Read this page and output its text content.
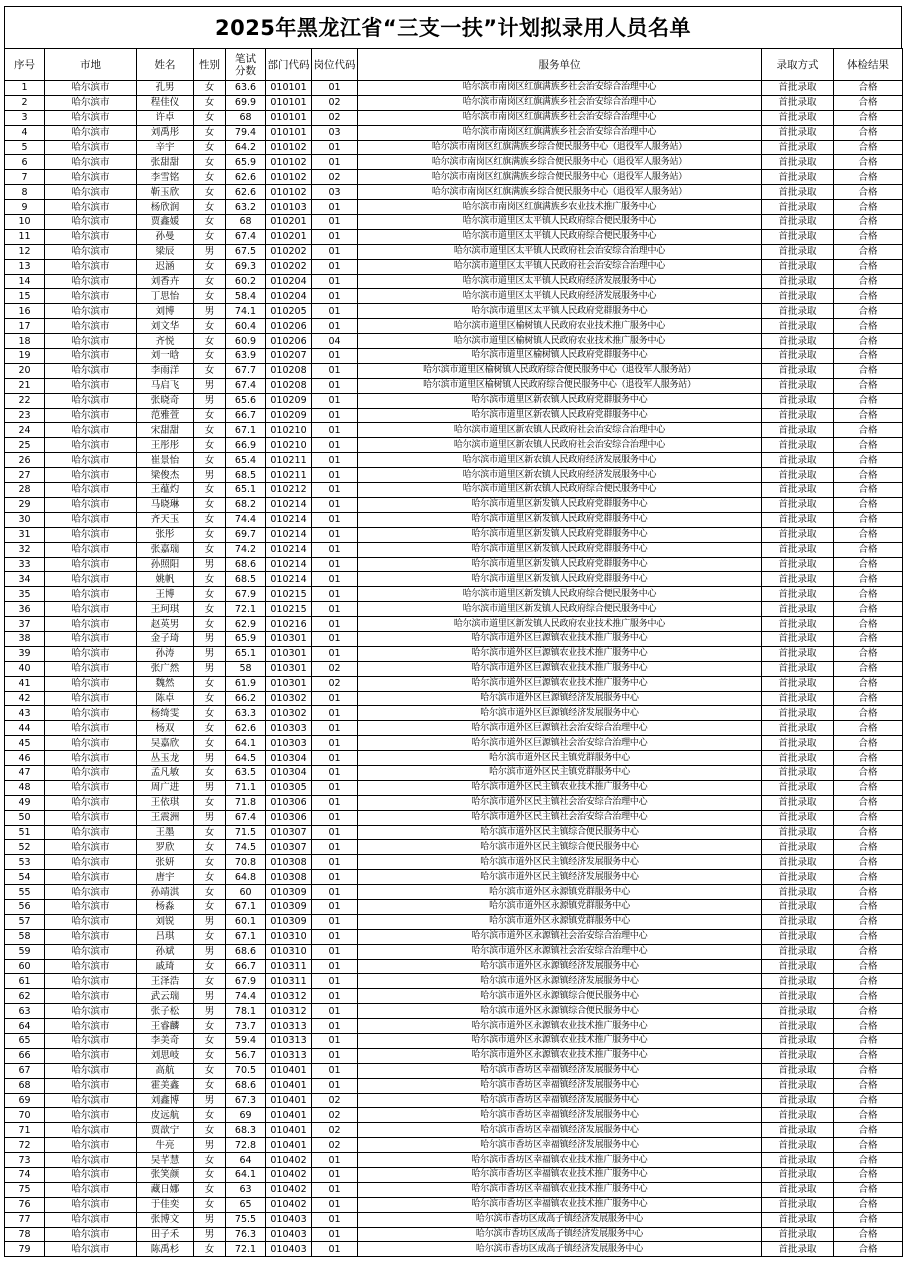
2025年黑龙江省“三支一扶”计划拟录用人员名单
序号	市地	姓名	性别	笔试分数	部门代码	岗位代码	服务单位	录取方式	体检结果
1	哈尔滨市	孔男	女	63.6	010101	01	哈尔滨市南岗区红旗满族乡社会治安综合治理中心	首批录取	合格
2	哈尔滨市	程佳仪	女	69.9	010101	02	哈尔滨市南岗区红旗满族乡社会治安综合治理中心	首批录取	合格
3	哈尔滨市	许卓	女	68	010101	02	哈尔滨市南岗区红旗满族乡社会治安综合治理中心	首批录取	合格
4	哈尔滨市	刘禹彤	女	79.4	010101	03	哈尔滨市南岗区红旗满族乡社会治安综合治理中心	首批录取	合格
5	哈尔滨市	辛宇	女	64.2	010102	01	哈尔滨市南岗区红旗满族乡综合便民服务中心（退役军人服务站）	首批录取	合格
6	哈尔滨市	张甜甜	女	65.9	010102	01	哈尔滨市南岗区红旗满族乡综合便民服务中心（退役军人服务站）	首批录取	合格
7	哈尔滨市	李雪铭	女	62.6	010102	02	哈尔滨市南岗区红旗满族乡综合便民服务中心（退役军人服务站）	首批录取	合格
8	哈尔滨市	靳玉欣	女	62.6	010102	03	哈尔滨市南岗区红旗满族乡综合便民服务中心（退役军人服务站）	首批录取	合格
9	哈尔滨市	杨欣润	女	63.2	010103	01	哈尔滨市南岗区红旗满族乡农业技术推广服务中心	首批录取	合格
10	哈尔滨市	贾鑫媛	女	68	010201	01	哈尔滨市道里区太平镇人民政府综合便民服务中心	首批录取	合格
11	哈尔滨市	孙曼	女	67.4	010201	01	哈尔滨市道里区太平镇人民政府综合便民服务中心	首批录取	合格
12	哈尔滨市	梁辰	男	67.5	010202	01	哈尔滨市道里区太平镇人民政府社会治安综合治理中心	首批录取	合格
13	哈尔滨市	迟涵	女	69.3	010202	01	哈尔滨市道里区太平镇人民政府社会治安综合治理中心	首批录取	合格
14	哈尔滨市	刘香卉	女	60.2	010204	01	哈尔滨市道里区太平镇人民政府经济发展服务中心	首批录取	合格
15	哈尔滨市	丁思怡	女	58.4	010204	01	哈尔滨市道里区太平镇人民政府经济发展服务中心	首批录取	合格
16	哈尔滨市	刘博	男	74.1	010205	01	哈尔滨市道里区太平镇人民政府党群服务中心	首批录取	合格
17	哈尔滨市	刘文华	女	60.4	010206	01	哈尔滨市道里区榆树镇人民政府农业技术推广服务中心	首批录取	合格
18	哈尔滨市	齐悦	女	60.9	010206	04	哈尔滨市道里区榆树镇人民政府农业技术推广服务中心	首批录取	合格
19	哈尔滨市	刘一晗	女	63.9	010207	01	哈尔滨市道里区榆树镇人民政府党群服务中心	首批录取	合格
20	哈尔滨市	李雨洋	女	67.7	010208	01	哈尔滨市道里区榆树镇人民政府综合便民服务中心（退役军人服务站）	首批录取	合格
21	哈尔滨市	马启飞	男	67.4	010208	01	哈尔滨市道里区榆树镇人民政府综合便民服务中心（退役军人服务站）	首批录取	合格
22	哈尔滨市	张晓奇	男	65.6	010209	01	哈尔滨市道里区新农镇人民政府党群服务中心	首批录取	合格
23	哈尔滨市	范雅萱	女	66.7	010209	01	哈尔滨市道里区新农镇人民政府党群服务中心	首批录取	合格
24	哈尔滨市	宋甜甜	女	67.1	010210	01	哈尔滨市道里区新农镇人民政府社会治安综合治理中心	首批录取	合格
25	哈尔滨市	王彤彤	女	66.9	010210	01	哈尔滨市道里区新农镇人民政府社会治安综合治理中心	首批录取	合格
26	哈尔滨市	崔景怡	女	65.4	010211	01	哈尔滨市道里区新农镇人民政府经济发展服务中心	首批录取	合格
27	哈尔滨市	梁俊杰	男	68.5	010211	01	哈尔滨市道里区新农镇人民政府经济发展服务中心	首批录取	合格
28	哈尔滨市	王蕴灼	女	65.1	010212	01	哈尔滨市道里区新农镇人民政府综合便民服务中心	首批录取	合格
29	哈尔滨市	马晓琳	女	68.2	010214	01	哈尔滨市道里区新发镇人民政府党群服务中心	首批录取	合格
30	哈尔滨市	齐天玉	女	74.4	010214	01	哈尔滨市道里区新发镇人民政府党群服务中心	首批录取	合格
31	哈尔滨市	张彤	女	69.7	010214	01	哈尔滨市道里区新发镇人民政府党群服务中心	首批录取	合格
32	哈尔滨市	张嘉瑞	女	74.2	010214	01	哈尔滨市道里区新发镇人民政府党群服务中心	首批录取	合格
33	哈尔滨市	孙照阳	男	68.6	010214	01	哈尔滨市道里区新发镇人民政府党群服务中心	首批录取	合格
34	哈尔滨市	姚帆	女	68.5	010214	01	哈尔滨市道里区新发镇人民政府党群服务中心	首批录取	合格
35	哈尔滨市	王博	女	67.9	010215	01	哈尔滨市道里区新发镇人民政府综合便民服务中心	首批录取	合格
36	哈尔滨市	王珂琪	女	72.1	010215	01	哈尔滨市道里区新发镇人民政府综合便民服务中心	首批录取	合格
37	哈尔滨市	赵英男	女	62.9	010216	01	哈尔滨市道里区新发镇人民政府农业技术推广服务中心	首批录取	合格
38	哈尔滨市	金子琦	男	65.9	010301	01	哈尔滨市道外区巨源镇农业技术推广服务中心	首批录取	合格
39	哈尔滨市	孙涛	男	65.1	010301	01	哈尔滨市道外区巨源镇农业技术推广服务中心	首批录取	合格
40	哈尔滨市	张广然	男	58	010301	02	哈尔滨市道外区巨源镇农业技术推广服务中心	首批录取	合格
41	哈尔滨市	魏然	女	61.9	010301	02	哈尔滨市道外区巨源镇农业技术推广服务中心	首批录取	合格
42	哈尔滨市	陈卓	女	66.2	010302	01	哈尔滨市道外区巨源镇经济发展服务中心	首批录取	合格
43	哈尔滨市	杨绮雯	女	63.3	010302	01	哈尔滨市道外区巨源镇经济发展服务中心	首批录取	合格
44	哈尔滨市	杨双	女	62.6	010303	01	哈尔滨市道外区巨源镇社会治安综合治理中心	首批录取	合格
45	哈尔滨市	吴嘉欣	女	64.1	010303	01	哈尔滨市道外区巨源镇社会治安综合治理中心	首批录取	合格
46	哈尔滨市	丛玉龙	男	64.5	010304	01	哈尔滨市道外区民主镇党群服务中心	首批录取	合格
47	哈尔滨市	孟凡敏	女	63.5	010304	01	哈尔滨市道外区民主镇党群服务中心	首批录取	合格
48	哈尔滨市	周广进	男	71.1	010305	01	哈尔滨市道外区民主镇农业技术推广服务中心	首批录取	合格
49	哈尔滨市	王依琪	女	71.8	010306	01	哈尔滨市道外区民主镇社会治安综合治理中心	首批录取	合格
50	哈尔滨市	王震洲	男	67.4	010306	01	哈尔滨市道外区民主镇社会治安综合治理中心	首批录取	合格
51	哈尔滨市	王墨	女	71.5	010307	01	哈尔滨市道外区民主镇综合便民服务中心	首批录取	合格
52	哈尔滨市	罗欣	女	74.5	010307	01	哈尔滨市道外区民主镇综合便民服务中心	首批录取	合格
53	哈尔滨市	张妍	女	70.8	010308	01	哈尔滨市道外区民主镇经济发展服务中心	首批录取	合格
54	哈尔滨市	唐宇	女	64.8	010308	01	哈尔滨市道外区民主镇经济发展服务中心	首批录取	合格
55	哈尔滨市	孙靖淇	女	60	010309	01	哈尔滨市道外区永源镇党群服务中心	首批录取	合格
56	哈尔滨市	杨淼	女	67.1	010309	01	哈尔滨市道外区永源镇党群服务中心	首批录取	合格
57	哈尔滨市	刘锐	男	60.1	010309	01	哈尔滨市道外区永源镇党群服务中心	首批录取	合格
58	哈尔滨市	吕琪	女	67.1	010310	01	哈尔滨市道外区永源镇社会治安综合治理中心	首批录取	合格
59	哈尔滨市	孙斌	男	68.6	010310	01	哈尔滨市道外区永源镇社会治安综合治理中心	首批录取	合格
60	哈尔滨市	戚琦	女	66.7	010311	01	哈尔滨市道外区永源镇经济发展服务中心	首批录取	合格
61	哈尔滨市	王泽浩	女	67.9	010311	01	哈尔滨市道外区永源镇经济发展服务中心	首批录取	合格
62	哈尔滨市	武云瑞	男	74.4	010312	01	哈尔滨市道外区永源镇综合便民服务中心	首批录取	合格
63	哈尔滨市	张子松	男	78.1	010312	01	哈尔滨市道外区永源镇综合便民服务中心	首批录取	合格
64	哈尔滨市	王睿麟	女	73.7	010313	01	哈尔滨市道外区永源镇农业技术推广服务中心	首批录取	合格
65	哈尔滨市	李美奇	女	59.4	010313	01	哈尔滨市道外区永源镇农业技术推广服务中心	首批录取	合格
66	哈尔滨市	刘思岐	女	56.7	010313	01	哈尔滨市道外区永源镇农业技术推广服务中心	首批录取	合格
67	哈尔滨市	高航	女	70.5	010401	01	哈尔滨市香坊区幸福镇经济发展服务中心	首批录取	合格
68	哈尔滨市	霍美鑫	女	68.6	010401	01	哈尔滨市香坊区幸福镇经济发展服务中心	首批录取	合格
69	哈尔滨市	刘鑫博	男	67.3	010401	02	哈尔滨市香坊区幸福镇经济发展服务中心	首批录取	合格
70	哈尔滨市	皮远航	女	69	010401	02	哈尔滨市香坊区幸福镇经济发展服务中心	首批录取	合格
71	哈尔滨市	贾歆宁	女	68.3	010401	02	哈尔滨市香坊区幸福镇经济发展服务中心	首批录取	合格
72	哈尔滨市	牛亮	男	72.8	010401	02	哈尔滨市香坊区幸福镇经济发展服务中心	首批录取	合格
73	哈尔滨市	吴芊慧	女	64	010402	01	哈尔滨市香坊区幸福镇农业技术推广服务中心	首批录取	合格
74	哈尔滨市	张笑颜	女	64.1	010402	01	哈尔滨市香坊区幸福镇农业技术推广服务中心	首批录取	合格
75	哈尔滨市	藏日娜	女	63	010402	01	哈尔滨市香坊区幸福镇农业技术推广服务中心	首批录取	合格
76	哈尔滨市	于佳奕	女	65	010402	01	哈尔滨市香坊区幸福镇农业技术推广服务中心	首批录取	合格
77	哈尔滨市	张博文	男	75.5	010403	01	哈尔滨市香坊区成高子镇经济发展服务中心	首批录取	合格
78	哈尔滨市	田子禾	男	76.3	010403	01	哈尔滨市香坊区成高子镇经济发展服务中心	首批录取	合格
79	哈尔滨市	陈禹杉	女	72.1	010403	01	哈尔滨市香坊区成高子镇经济发展服务中心	首批录取	合格
